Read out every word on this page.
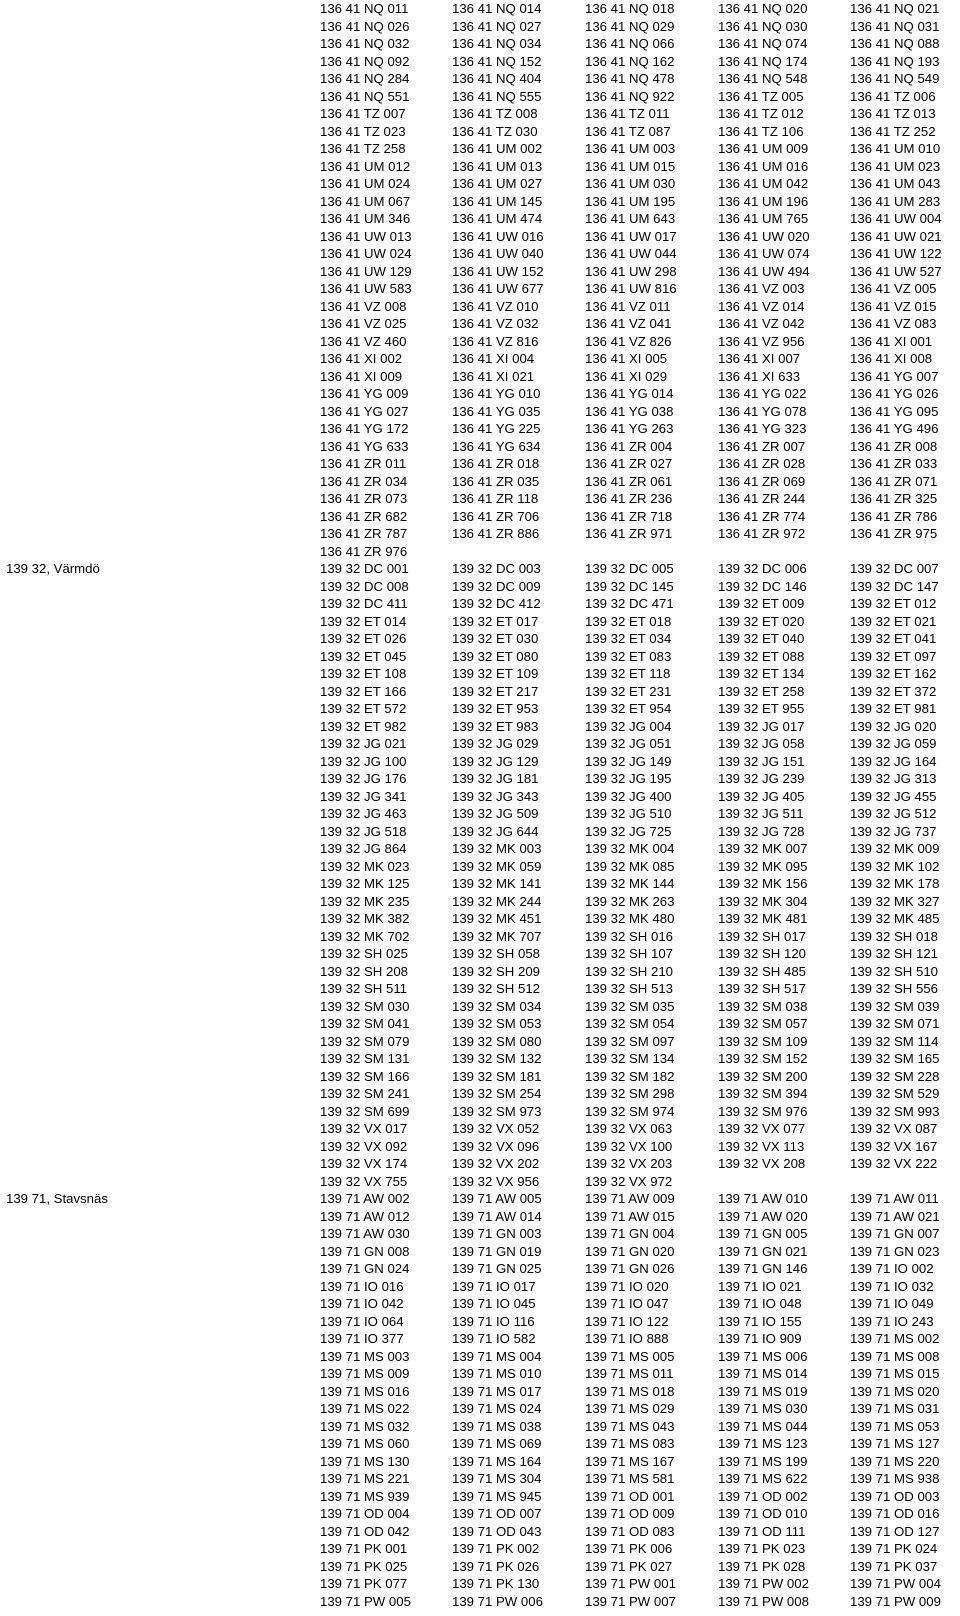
136 41 NQ 011	136 41 NQ 014	136 41 NQ 018	136 41 NQ 020	136 41 NQ 021
136 41 NQ 026	136 41 NQ 027	136 41 NQ 029	136 41 NQ 030	136 41 NQ 031
136 41 NQ 032	136 41 NQ 034	136 41 NQ 066	136 41 NQ 074	136 41 NQ 088
136 41 NQ 092	136 41 NQ 152	136 41 NQ 162	136 41 NQ 174	136 41 NQ 193
136 41 NQ 284	136 41 NQ 404	136 41 NQ 478	136 41 NQ 548	136 41 NQ 549
136 41 NQ 551	136 41 NQ 555	136 41 NQ 922	136 41 TZ 005	136 41 TZ 006
136 41 TZ 007	136 41 TZ 008	136 41 TZ 011	136 41 TZ 012	136 41 TZ 013
136 41 TZ 023	136 41 TZ 030	136 41 TZ 087	136 41 TZ 106	136 41 TZ 252
136 41 TZ 258	136 41 UM 002	136 41 UM 003	136 41 UM 009	136 41 UM 010
136 41 UM 012	136 41 UM 013	136 41 UM 015	136 41 UM 016	136 41 UM 023
136 41 UM 024	136 41 UM 027	136 41 UM 030	136 41 UM 042	136 41 UM 043
136 41 UM 067	136 41 UM 145	136 41 UM 195	136 41 UM 196	136 41 UM 283
136 41 UM 346	136 41 UM 474	136 41 UM 643	136 41 UM 765	136 41 UW 004
136 41 UW 013	136 41 UW 016	136 41 UW 017	136 41 UW 020	136 41 UW 021
136 41 UW 024	136 41 UW 040	136 41 UW 044	136 41 UW 074	136 41 UW 122
136 41 UW 129	136 41 UW 152	136 41 UW 298	136 41 UW 494	136 41 UW 527
136 41 UW 583	136 41 UW 677	136 41 UW 816	136 41 VZ 003	136 41 VZ 005
136 41 VZ 008	136 41 VZ 010	136 41 VZ 011	136 41 VZ 014	136 41 VZ 015
136 41 VZ 025	136 41 VZ 032	136 41 VZ 041	136 41 VZ 042	136 41 VZ 083
136 41 VZ 460	136 41 VZ 816	136 41 VZ 826	136 41 VZ 956	136 41 XI 001
136 41 XI 002	136 41 XI 004	136 41 XI 005	136 41 XI 007	136 41 XI 008
136 41 XI 009	136 41 XI 021	136 41 XI 029	136 41 XI 633	136 41 YG 007
136 41 YG 009	136 41 YG 010	136 41 YG 014	136 41 YG 022	136 41 YG 026
136 41 YG 027	136 41 YG 035	136 41 YG 038	136 41 YG 078	136 41 YG 095
136 41 YG 172	136 41 YG 225	136 41 YG 263	136 41 YG 323	136 41 YG 496
136 41 YG 633	136 41 YG 634	136 41 ZR 004	136 41 ZR 007	136 41 ZR 008
136 41 ZR 011	136 41 ZR 018	136 41 ZR 027	136 41 ZR 028	136 41 ZR 033
136 41 ZR 034	136 41 ZR 035	136 41 ZR 061	136 41 ZR 069	136 41 ZR 071
136 41 ZR 073	136 41 ZR 118	136 41 ZR 236	136 41 ZR 244	136 41 ZR 325
136 41 ZR 682	136 41 ZR 706	136 41 ZR 718	136 41 ZR 774	136 41 ZR 786
136 41 ZR 787	136 41 ZR 886	136 41 ZR 971	136 41 ZR 972	136 41 ZR 975
136 41 ZR 976
139 32, Värmdö	139 32 DC 001	139 32 DC 003	139 32 DC 005	139 32 DC 006	139 32 DC 007
139 32 DC 008	139 32 DC 009	139 32 DC 145	139 32 DC 146	139 32 DC 147
139 32 DC 411	139 32 DC 412	139 32 DC 471	139 32 ET 009	139 32 ET 012
139 32 ET 014	139 32 ET 017	139 32 ET 018	139 32 ET 020	139 32 ET 021
139 32 ET 026	139 32 ET 030	139 32 ET 034	139 32 ET 040	139 32 ET 041
139 32 ET 045	139 32 ET 080	139 32 ET 083	139 32 ET 088	139 32 ET 097
139 32 ET 108	139 32 ET 109	139 32 ET 118	139 32 ET 134	139 32 ET 162
139 32 ET 166	139 32 ET 217	139 32 ET 231	139 32 ET 258	139 32 ET 372
139 32 ET 572	139 32 ET 953	139 32 ET 954	139 32 ET 955	139 32 ET 981
139 32 ET 982	139 32 ET 983	139 32 JG 004	139 32 JG 017	139 32 JG 020
139 32 JG 021	139 32 JG 029	139 32 JG 051	139 32 JG 058	139 32 JG 059
139 32 JG 100	139 32 JG 129	139 32 JG 149	139 32 JG 151	139 32 JG 164
139 32 JG 176	139 32 JG 181	139 32 JG 195	139 32 JG 239	139 32 JG 313
139 32 JG 341	139 32 JG 343	139 32 JG 400	139 32 JG 405	139 32 JG 455
139 32 JG 463	139 32 JG 509	139 32 JG 510	139 32 JG 511	139 32 JG 512
139 32 JG 518	139 32 JG 644	139 32 JG 725	139 32 JG 728	139 32 JG 737
139 32 JG 864	139 32 MK 003	139 32 MK 004	139 32 MK 007	139 32 MK 009
139 32 MK 023	139 32 MK 059	139 32 MK 085	139 32 MK 095	139 32 MK 102
139 32 MK 125	139 32 MK 141	139 32 MK 144	139 32 MK 156	139 32 MK 178
139 32 MK 235	139 32 MK 244	139 32 MK 263	139 32 MK 304	139 32 MK 327
139 32 MK 382	139 32 MK 451	139 32 MK 480	139 32 MK 481	139 32 MK 485
139 32 MK 702	139 32 MK 707	139 32 SH 016	139 32 SH 017	139 32 SH 018
139 32 SH 025	139 32 SH 058	139 32 SH 107	139 32 SH 120	139 32 SH 121
139 32 SH 208	139 32 SH 209	139 32 SH 210	139 32 SH 485	139 32 SH 510
139 32 SH 511	139 32 SH 512	139 32 SH 513	139 32 SH 517	139 32 SH 556
139 32 SM 030	139 32 SM 034	139 32 SM 035	139 32 SM 038	139 32 SM 039
139 32 SM 041	139 32 SM 053	139 32 SM 054	139 32 SM 057	139 32 SM 071
139 32 SM 079	139 32 SM 080	139 32 SM 097	139 32 SM 109	139 32 SM 114
139 32 SM 131	139 32 SM 132	139 32 SM 134	139 32 SM 152	139 32 SM 165
139 32 SM 166	139 32 SM 181	139 32 SM 182	139 32 SM 200	139 32 SM 228
139 32 SM 241	139 32 SM 254	139 32 SM 298	139 32 SM 394	139 32 SM 529
139 32 SM 699	139 32 SM 973	139 32 SM 974	139 32 SM 976	139 32 SM 993
139 32 VX 017	139 32 VX 052	139 32 VX 063	139 32 VX 077	139 32 VX 087
139 32 VX 092	139 32 VX 096	139 32 VX 100	139 32 VX 113	139 32 VX 167
139 32 VX 174	139 32 VX 202	139 32 VX 203	139 32 VX 208	139 32 VX 222
139 32 VX 755	139 32 VX 956	139 32 VX 972
139 71, Stavsnäs	139 71 AW 002	139 71 AW 005	139 71 AW 009	139 71 AW 010	139 71 AW 011
139 71 AW 012	139 71 AW 014	139 71 AW 015	139 71 AW 020	139 71 AW 021
139 71 AW 030	139 71 GN 003	139 71 GN 004	139 71 GN 005	139 71 GN 007
139 71 GN 008	139 71 GN 019	139 71 GN 020	139 71 GN 021	139 71 GN 023
139 71 GN 024	139 71 GN 025	139 71 GN 026	139 71 GN 146	139 71 IO 002
139 71 IO 016	139 71 IO 017	139 71 IO 020	139 71 IO 021	139 71 IO 032
139 71 IO 042	139 71 IO 045	139 71 IO 047	139 71 IO 048	139 71 IO 049
139 71 IO 064	139 71 IO 116	139 71 IO 122	139 71 IO 155	139 71 IO 243
139 71 IO 377	139 71 IO 582	139 71 IO 888	139 71 IO 909	139 71 MS 002
139 71 MS 003	139 71 MS 004	139 71 MS 005	139 71 MS 006	139 71 MS 008
139 71 MS 009	139 71 MS 010	139 71 MS 011	139 71 MS 014	139 71 MS 015
139 71 MS 016	139 71 MS 017	139 71 MS 018	139 71 MS 019	139 71 MS 020
139 71 MS 022	139 71 MS 024	139 71 MS 029	139 71 MS 030	139 71 MS 031
139 71 MS 032	139 71 MS 038	139 71 MS 043	139 71 MS 044	139 71 MS 053
139 71 MS 060	139 71 MS 069	139 71 MS 083	139 71 MS 123	139 71 MS 127
139 71 MS 130	139 71 MS 164	139 71 MS 167	139 71 MS 199	139 71 MS 220
139 71 MS 221	139 71 MS 304	139 71 MS 581	139 71 MS 622	139 71 MS 938
139 71 MS 939	139 71 MS 945	139 71 OD 001	139 71 OD 002	139 71 OD 003
139 71 OD 004	139 71 OD 007	139 71 OD 009	139 71 OD 010	139 71 OD 016
139 71 OD 042	139 71 OD 043	139 71 OD 083	139 71 OD 111	139 71 OD 127
139 71 PK 001	139 71 PK 002	139 71 PK 006	139 71 PK 023	139 71 PK 024
139 71 PK 025	139 71 PK 026	139 71 PK 027	139 71 PK 028	139 71 PK 037
139 71 PK 077	139 71 PK 130	139 71 PW 001	139 71 PW 002	139 71 PW 004
139 71 PW 005	139 71 PW 006	139 71 PW 007	139 71 PW 008	139 71 PW 009
